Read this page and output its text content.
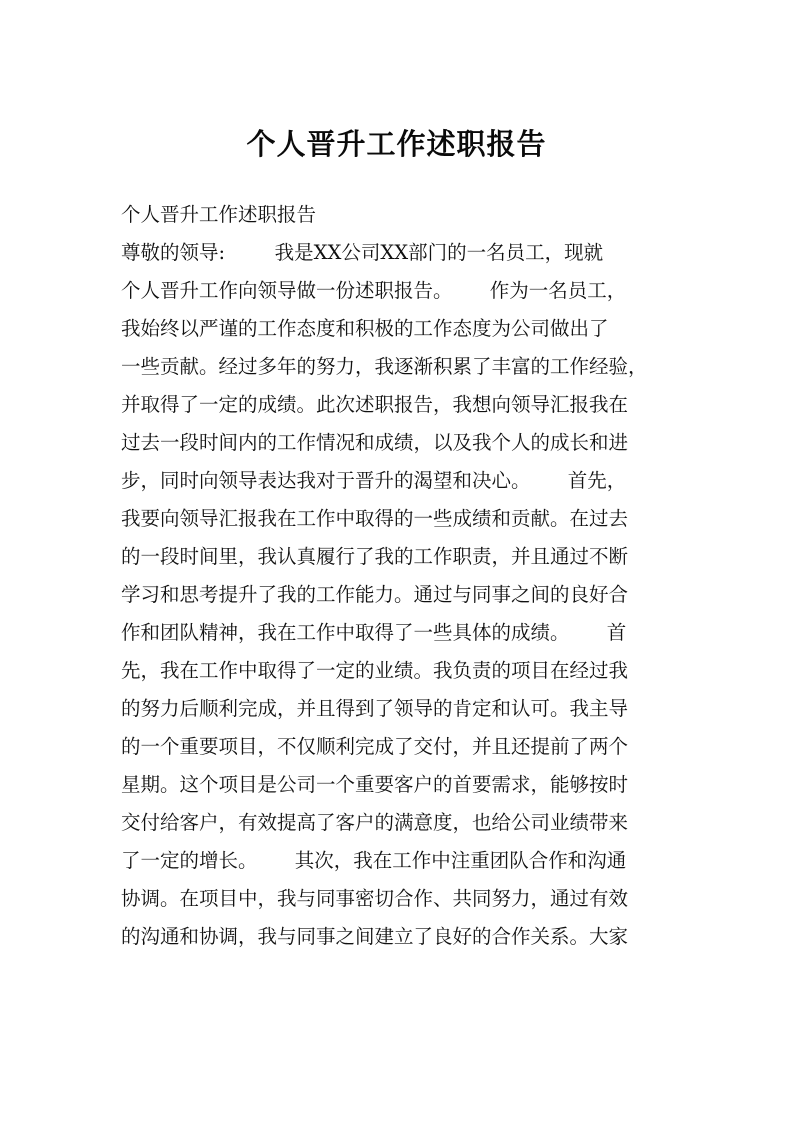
个人晋升工作述职报告
个人晋升工作述职报告
尊敬的领导:        我是XX公司XX部门的一名员工，现就
个人晋升工作向领导做一份述职报告。      作为一名员工，
我始终以严谨的工作态度和积极的工作态度为公司做出了
一些贡献。经过多年的努力，我逐渐积累了丰富的工作经验，
并取得了一定的成绩。此次述职报告，我想向领导汇报我在
过去一段时间内的工作情况和成绩，以及我个人的成长和进
步，同时向领导表达我对于晋升的渴望和决心。      首先，
我要向领导汇报我在工作中取得的一些成绩和贡献。在过去
的一段时间里，我认真履行了我的工作职责，并且通过不断
学习和思考提升了我的工作能力。通过与同事之间的良好合
作和团队精神，我在工作中取得了一些具体的成绩。      首
先，我在工作中取得了一定的业绩。我负责的项目在经过我
的努力后顺利完成，并且得到了领导的肯定和认可。我主导
的一个重要项目，不仅顺利完成了交付，并且还提前了两个
星期。这个项目是公司一个重要客户的首要需求，能够按时
交付给客户，有效提高了客户的满意度，也给公司业绩带来
了一定的增长。      其次，我在工作中注重团队合作和沟通
协调。在项目中，我与同事密切合作、共同努力，通过有效
的沟通和协调，我与同事之间建立了良好的合作关系。大家
